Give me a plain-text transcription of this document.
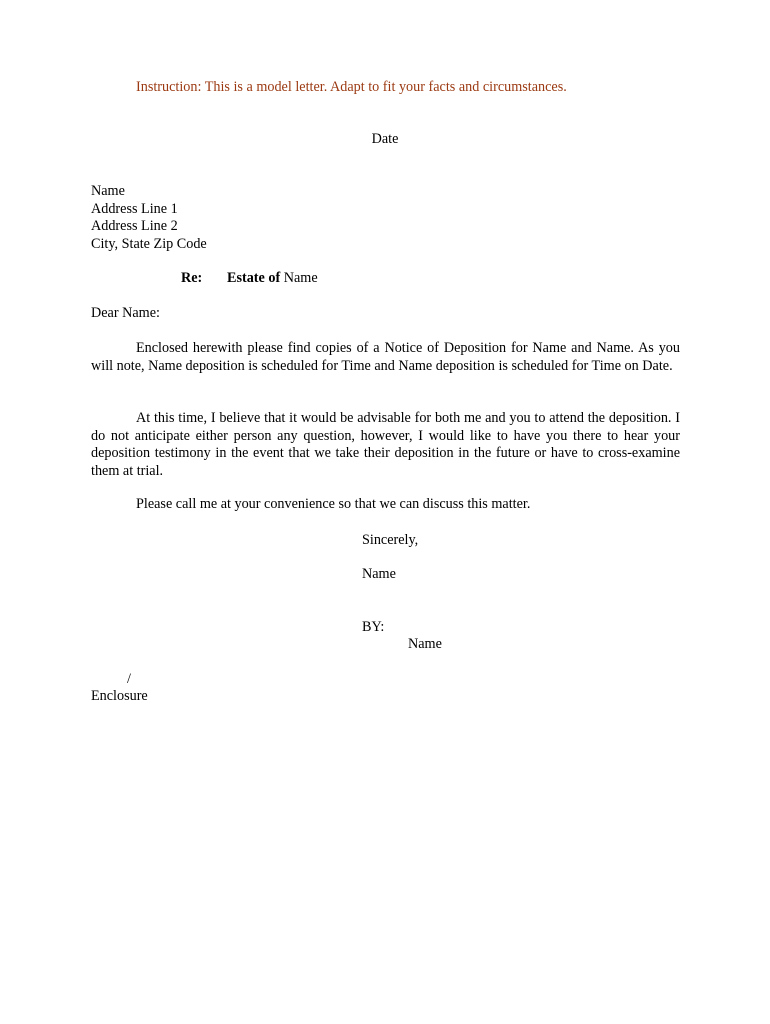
Instruction: This is a model letter. Adapt to fit your facts and circumstances.
Date
Name
Address Line 1
Address Line 2
City, State Zip Code
Re: Estate of Name
Dear Name:
Enclosed herewith please find copies of a Notice of Deposition for Name and Name. As you will note, Name deposition is scheduled for Time and Name deposition is scheduled for Time on Date.
At this time, I believe that it would be advisable for both me and you to attend the deposition. I do not anticipate either person any question, however, I would like to have you there to hear your deposition testimony in the event that we take their deposition in the future or have to cross-examine them at trial.
Please call me at your convenience so that we can discuss this matter.
Sincerely,
Name
BY:
Name
/
Enclosure
